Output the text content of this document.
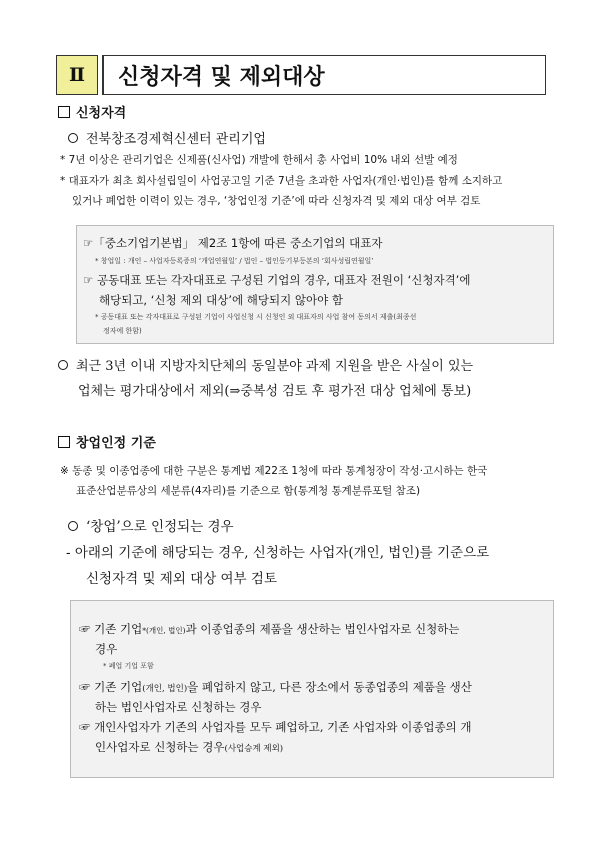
Ⅱ	신청자격 및 제외대상
신청자격
전북창조경제혁신센터 관리기업
* 7년 이상은 관리기업은 신제품(신사업) 개발에 한해서 총 사업비 10% 내외 선발 예정
* 대표자가 최초 회사설립일이 사업공고일 기준 7년을 초과한 사업자(개인·법인)를 함께 소지하고
있거나 폐업한 이력이 있는 경우, ‘창업인정 기준’에 따라 신청자격 및 제외 대상 여부 검토
☞「중소기업기본법」 제2조 1항에 따른 중소기업의 대표자
* 창업일 : 개인 – 사업자등록증의 ‘개업연월일’ / 법인 – 법인등기부등본의 ‘회사성립연월일’
☞ 공동대표 또는 각자대표로 구성된 기업의 경우, 대표자 전원이 ‘신청자격’에
해당되고, ‘신청 제외 대상’에 해당되지 않아야 함
* 공동대표 또는 각자대표로 구성된 기업이 사업신청 시 신청인 외 대표자의 사업 참여 동의서 제출(최종선
정자에 한함)
최근 3년 이내 지방자치단체의 동일분야 과제 지원을 받은 사실이 있는
업체는 평가대상에서 제외(⇒중복성 검토 후 평가전 대상 업체에 통보)
창업인정 기준
※ 동종 및 이종업종에 대한 구분은 통계법 제22조 1청에 따라 통계청장이 작성·고시하는 한국
표준산업분류상의 세분류(4자리)를 기준으로 함(통계청 통계분류포털 참조)
‘창업’으로 인정되는 경우
- 아래의 기준에 해당되는 경우, 신청하는 사업자(개인, 법인)를 기준으로
신청자격 및 제외 대상 여부 검토
☞ 기존 기업*(개인, 법인)과 이종업종의 제품을 생산하는 법인사업자로 신청하는
경우
* 폐업 기업 포함
☞ 기존 기업(개인, 법인)을 폐업하지 않고, 다른 장소에서 동종업종의 제품을 생산
하는 법인사업자로 신청하는 경우
☞ 개인사업자가 기존의 사업자를 모두 폐업하고, 기존 사업자와 이종업종의 개
인사업자로 신청하는 경우(사업승계 제외)
